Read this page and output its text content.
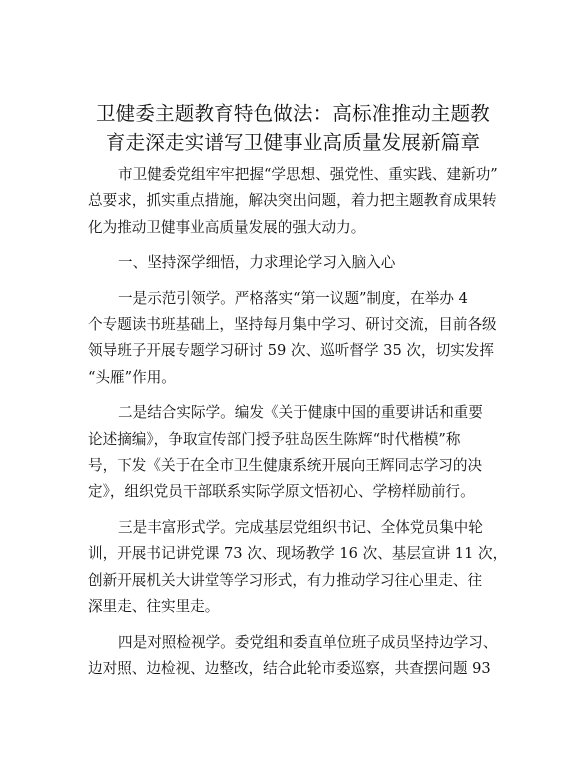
卫健委主题教育特色做法：高标准推动主题教
育走深走实谱写卫健事业高质量发展新篇章

市卫健委党组牢牢把握“学思想、强党性、重实践、建新功”
总要求，抓实重点措施，解决突出问题，着力把主题教育成果转
化为推动卫健事业高质量发展的强大动力。

一、坚持深学细悟，力求理论学习入脑入心

一是示范引领学。严格落实“第一议题”制度，在举办 4
个专题读书班基础上，坚持每月集中学习、研讨交流，目前各级
领导班子开展专题学习研讨 59 次、巡听督学 35 次，切实发挥
“头雁”作用。

二是结合实际学。编发《关于健康中国的重要讲话和重要
论述摘编》，争取宣传部门授予驻岛医生陈辉“时代楷模”称
号，下发《关于在全市卫生健康系统开展向王辉同志学习的决
定》，组织党员干部联系实际学原文悟初心、学榜样励前行。

三是丰富形式学。完成基层党组织书记、全体党员集中轮
训，开展书记讲党课 73 次、现场教学 16 次、基层宣讲 11 次，
创新开展机关大讲堂等学习形式，有力推动学习往心里走、往
深里走、往实里走。

四是对照检视学。委党组和委直单位班子成员坚持边学习、
边对照、边检视、边整改，结合此轮市委巡察，共查摆问题 93
